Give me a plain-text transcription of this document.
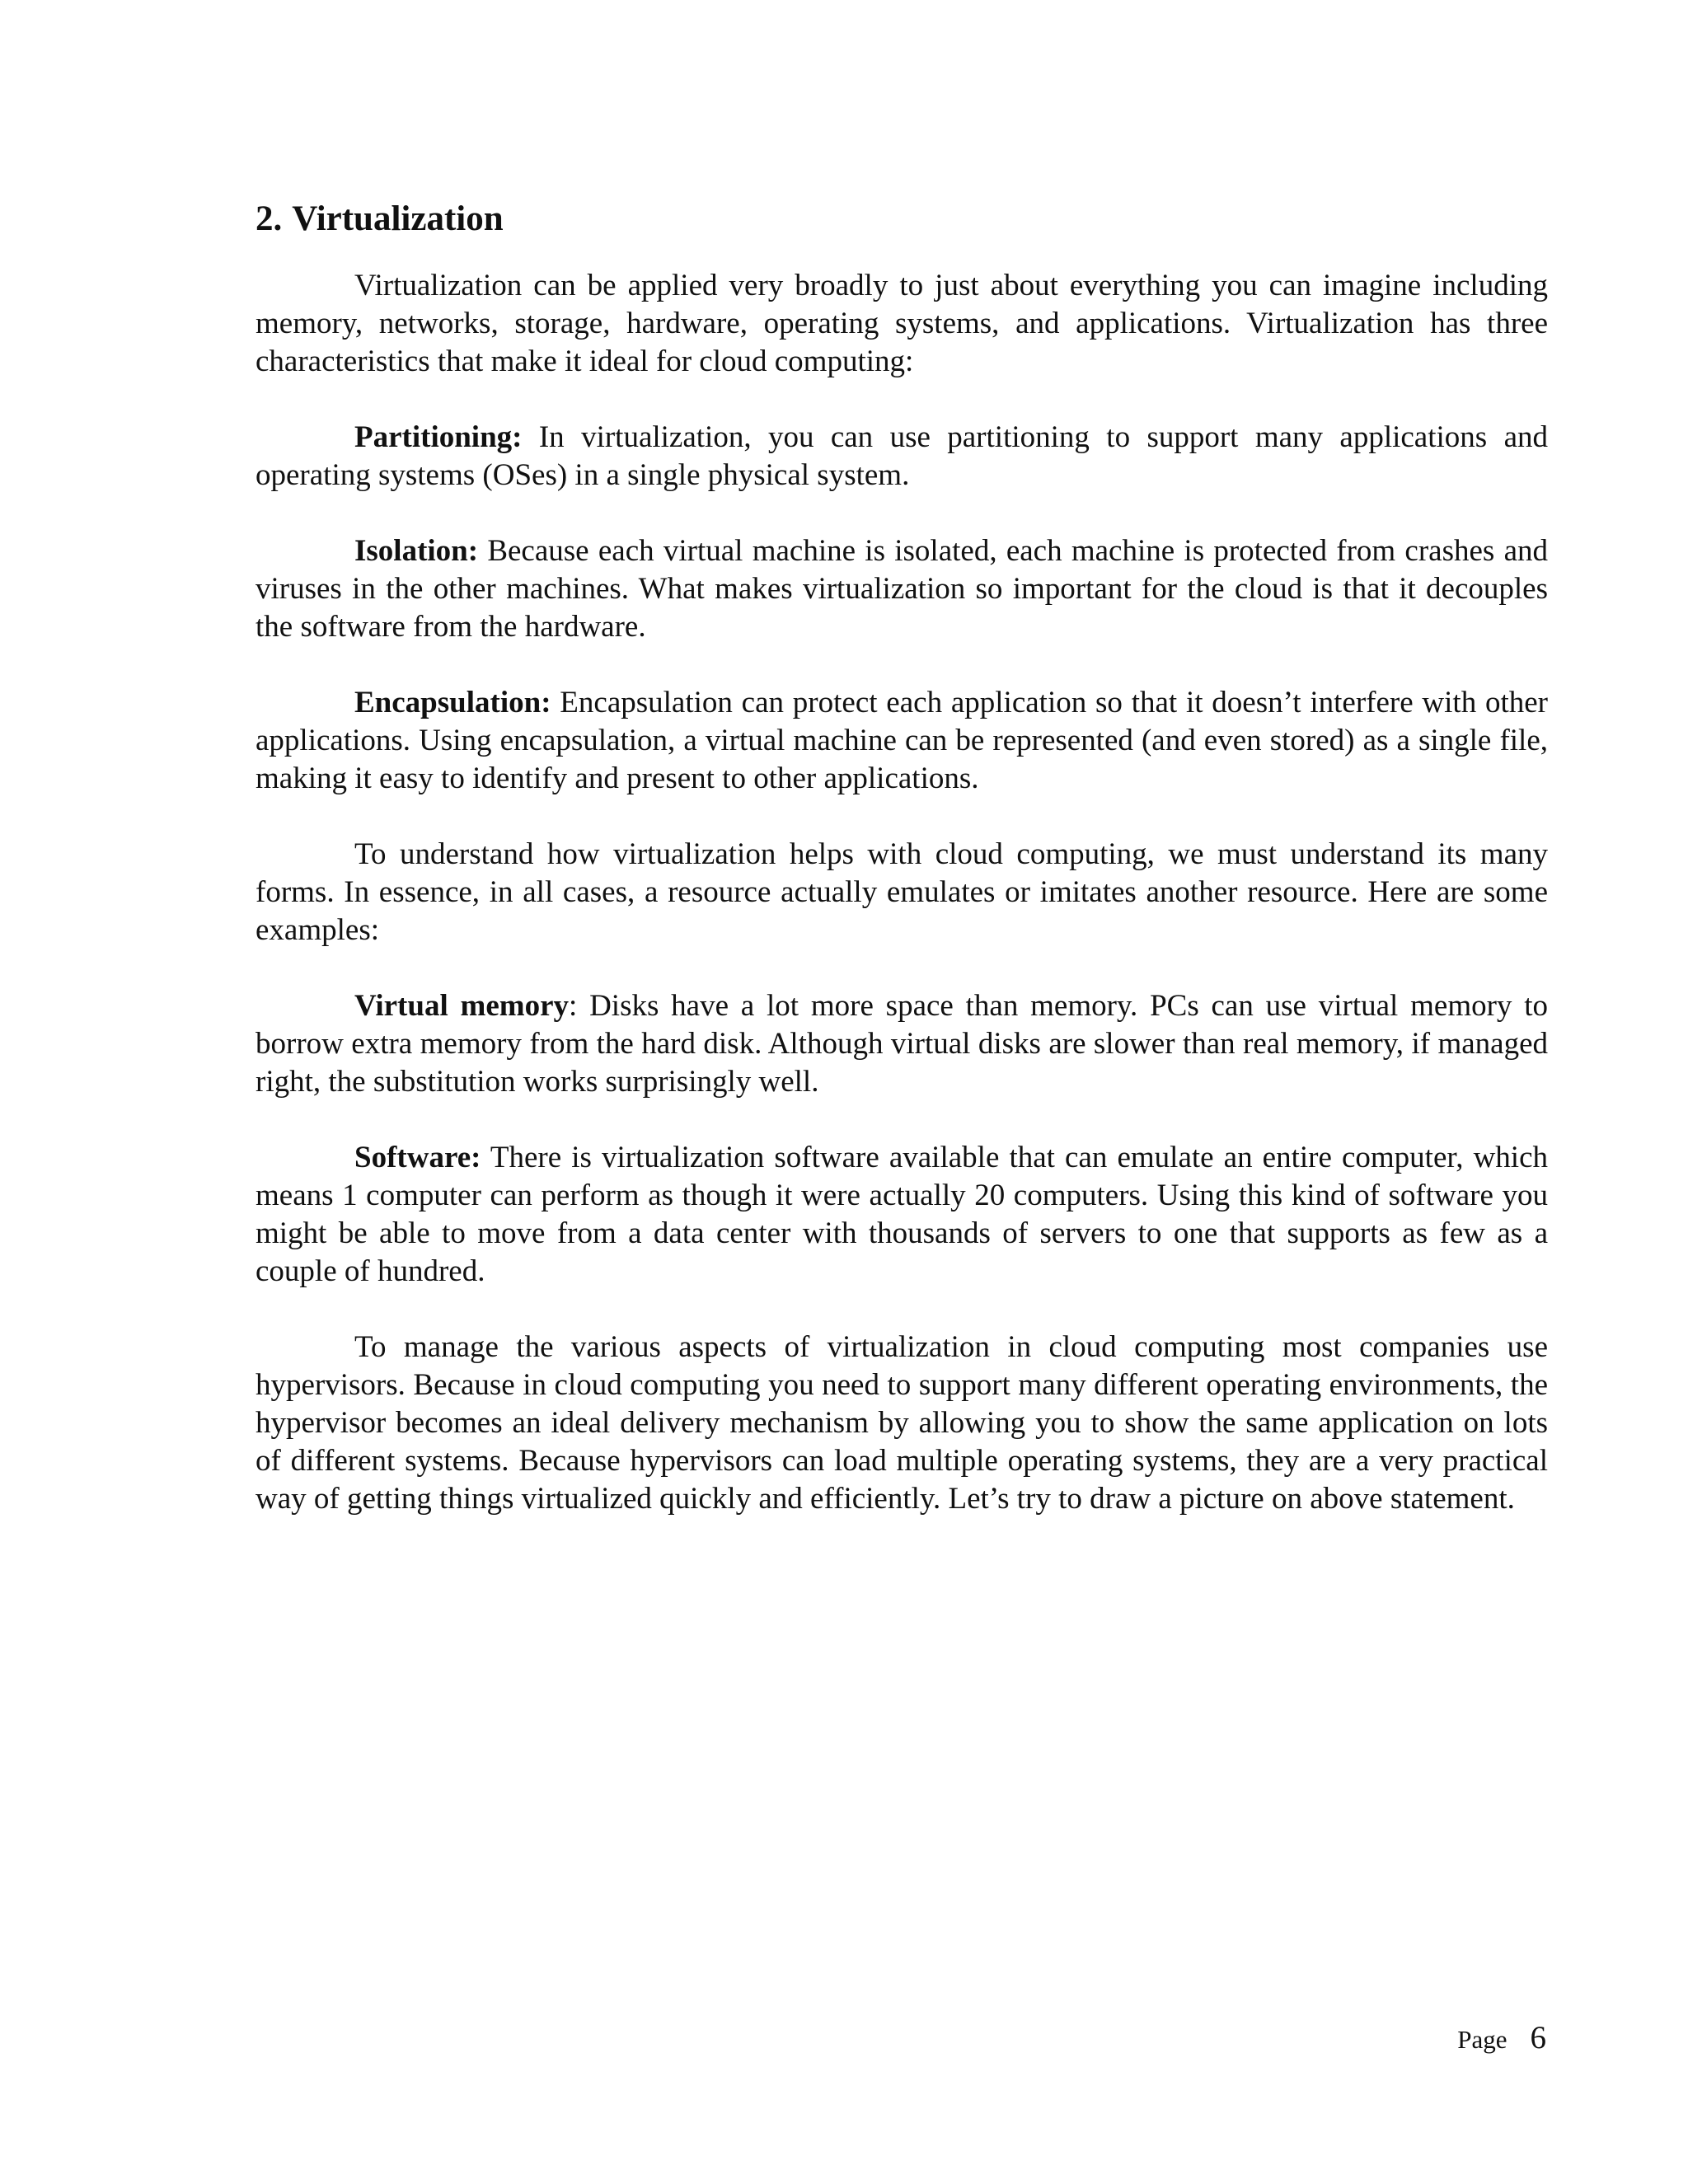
2. Virtualization

Virtualization can be applied very broadly to just about everything you can imagine including memory, networks, storage, hardware, operating systems, and applications. Virtualization has three characteristics that make it ideal for cloud computing:

Partitioning: In virtualization, you can use partitioning to support many applications and operating systems (OSes) in a single physical system.

Isolation: Because each virtual machine is isolated, each machine is protected from crashes and viruses in the other machines. What makes virtualization so important for the cloud is that it decouples the software from the hardware.

Encapsulation: Encapsulation can protect each application so that it doesn’t interfere with other applications. Using encapsulation, a virtual machine can be represented (and even stored) as a single file, making it easy to identify and present to other applications.

To understand how virtualization helps with cloud computing, we must understand its many forms. In essence, in all cases, a resource actually emulates or imitates another resource. Here are some examples:

Virtual memory: Disks have a lot more space than memory. PCs can use virtual memory to borrow extra memory from the hard disk. Although virtual disks are slower than real memory, if managed right, the substitution works surprisingly well.

Software: There is virtualization software available that can emulate an entire computer, which means 1 computer can perform as though it were actually 20 computers. Using this kind of software you might be able to move from a data center with thousands of servers to one that supports as few as a couple of hundred.

To manage the various aspects of virtualization in cloud computing most companies use hypervisors. Because in cloud computing you need to support many different operating environments, the hypervisor becomes an ideal delivery mechanism by allowing you to show the same application on lots of different systems. Because hypervisors can load multiple operating systems, they are a very practical way of getting things virtualized quickly and efficiently. Let’s try to draw a picture on above statement.

Page 6
